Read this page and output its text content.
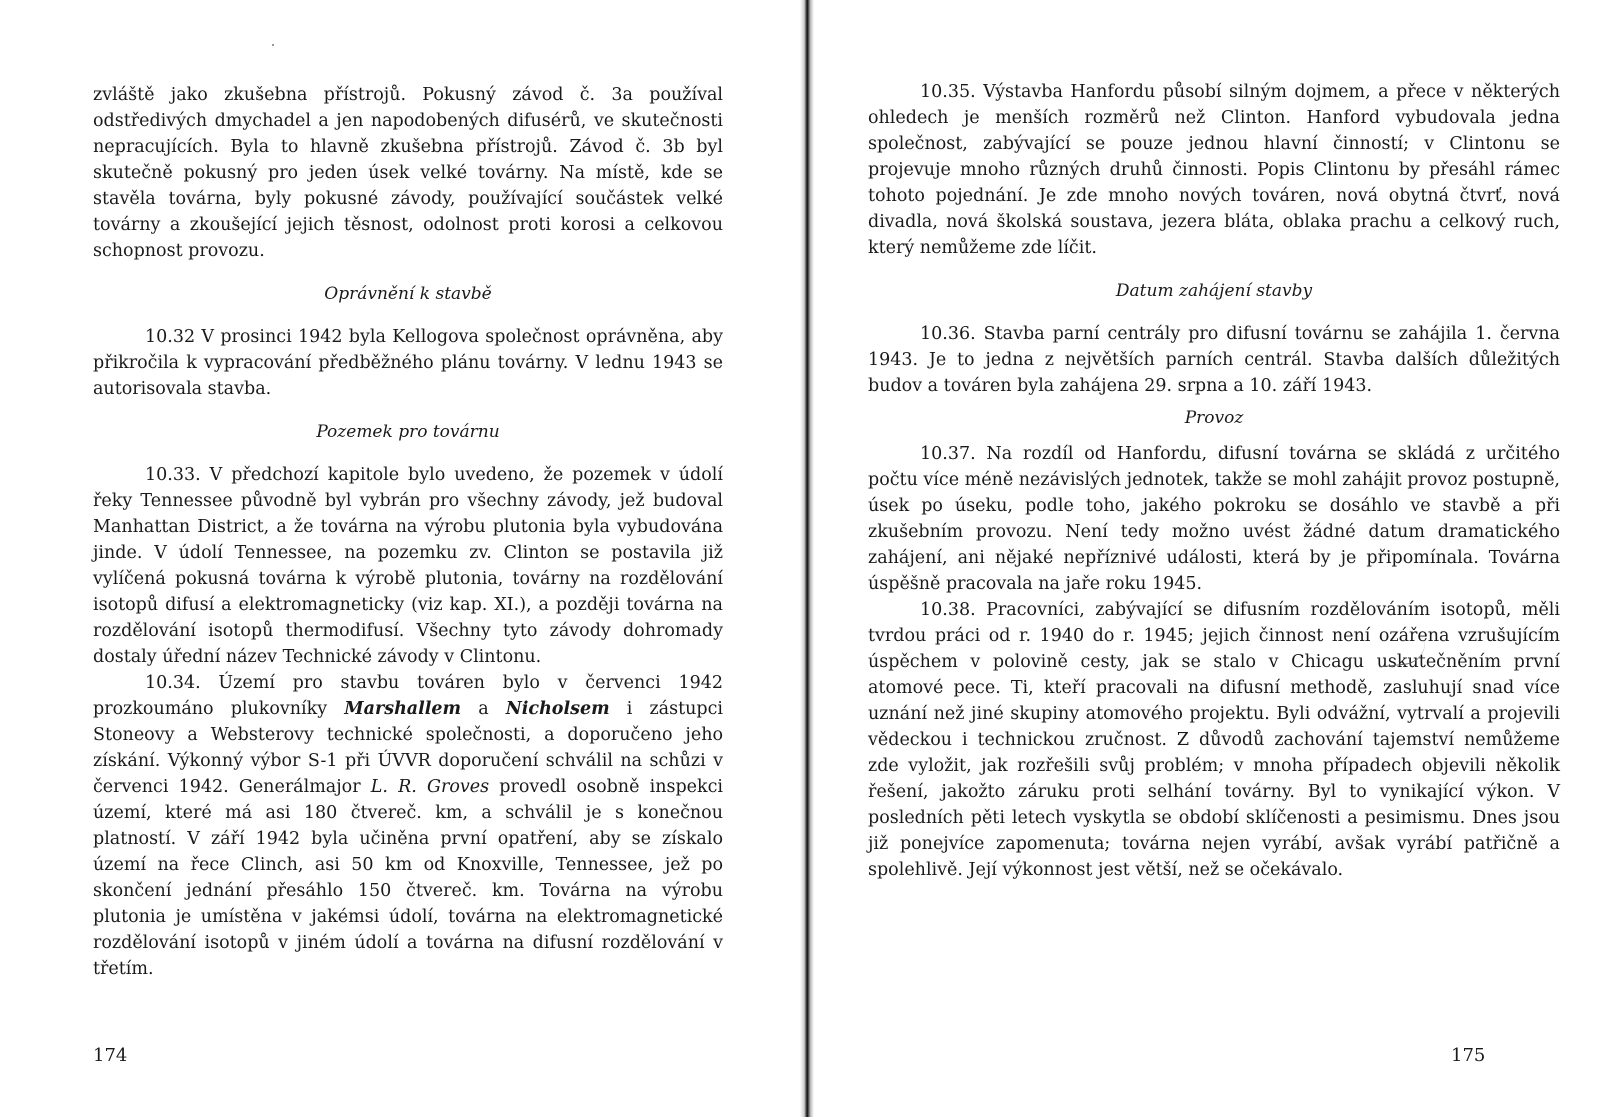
zvláště jako zkušebna přístrojů. Pokusný závod č. 3a používal odstředivých dmychadel a jen napodobených difusérů, ve skutečnosti nepracujících. Byla to hlavně zkušebna přístrojů. Závod č. 3b byl skutečně pokusný pro jeden úsek velké továrny. Na místě, kde se stavěla továrna, byly pokusné závody, používající součástek velké továrny a zkoušející jejich těsnost, odolnost proti korosi a celkovou schopnost provozu.

Oprávnění k stavbě

10.32 V prosinci 1942 byla Kellogova společnost oprávněna, aby přikročila k vypracování předběžného plánu továrny. V lednu 1943 se autorisovala stavba.

Pozemek pro továrnu

10.33. V předchozí kapitole bylo uvedeno, že pozemek v údolí řeky Tennessee původně byl vybrán pro všechny závody, jež budoval Manhattan District, a že továrna na výrobu plutonia byla vybudována jinde. V údolí Tennessee, na pozemku zv. Clinton se postavila již vylíčená pokusná továrna k výrobě plutonia, továrny na rozdělování isotopů difusí a elektromagneticky (viz kap. XI.), a později továrna na rozdělování isotopů thermodifusí. Všechny tyto závody dohromady dostaly úřední název Technické závody v Clintonu.

10.34. Území pro stavbu továren bylo v červenci 1942 prozkoumáno plukovníky Marshallem a Nicholsem i zástupci Stoneovy a Websterovy technické společnosti, a doporučeno jeho získání. Výkonný výbor S-1 při ÚVVR doporučení schválil na schůzi v červenci 1942. Generálmajor L. R. Groves provedl osobně inspekci území, které má asi 180 čtvereč. km, a schválil je s konečnou platností. V září 1942 byla učiněna první opatření, aby se získalo území na řece Clinch, asi 50 km od Knoxville, Tennessee, jež po skončení jednání přesáhlo 150 čtvereč. km. Továrna na výrobu plutonia je umístěna v jakémsi údolí, továrna na elektromagnetické rozdělování isotopů v jiném údolí a továrna na difusní rozdělování v třetím.

174

10.35. Výstavba Hanfordu působí silným dojmem, a přece v některých ohledech je menších rozměrů než Clinton. Hanford vybudovala jedna společnost, zabývající se pouze jednou hlavní činností; v Clintonu se projevuje mnoho různých druhů činnosti. Popis Clintonu by přesáhl rámec tohoto pojednání. Je zde mnoho nových továren, nová obytná čtvrť, nová divadla, nová školská soustava, jezera bláta, oblaka prachu a celkový ruch, který nemůžeme zde líčit.

Datum zahájení stavby

10.36. Stavba parní centrály pro difusní továrnu se zahájila 1. června 1943. Je to jedna z největších parních centrál. Stavba dalších důležitých budov a továren byla zahájena 29. srpna a 10. září 1943.

Provoz

10.37. Na rozdíl od Hanfordu, difusní továrna se skládá z určitého počtu více méně nezávislých jednotek, takže se mohl zahájit provoz postupně, úsek po úseku, podle toho, jakého pokroku se dosáhlo ve stavbě a při zkušebním provozu. Není tedy možno uvést žádné datum dramatického zahájení, ani nějaké nepříznivé události, která by je připomínala. Továrna úspěšně pracovala na jaře roku 1945.

10.38. Pracovníci, zabývající se difusním rozdělováním isotopů, měli tvrdou práci od r. 1940 do r. 1945; jejich činnost není ozářena vzrušujícím úspěchem v polovině cesty, jak se stalo v Chicagu uskutečněním první atomové pece. Ti, kteří pracovali na difusní methodě, zasluhují snad více uznání než jiné skupiny atomového projektu. Byli odvážní, vytrvalí a projevili vědeckou i technickou zručnost. Z důvodů zachování tajemství nemůžeme zde vyložit, jak rozřešili svůj problém; v mnoha případech objevili několik řešení, jakožto záruku proti selhání továrny. Byl to vynikající výkon. V posledních pěti letech vyskytla se období sklíčenosti a pesimismu. Dnes jsou již ponejvíce zapomenuta; továrna nejen vyrábí, avšak vyrábí patřičně a spolehlivě. Její výkonnost jest větší, než se očekávalo.

175
